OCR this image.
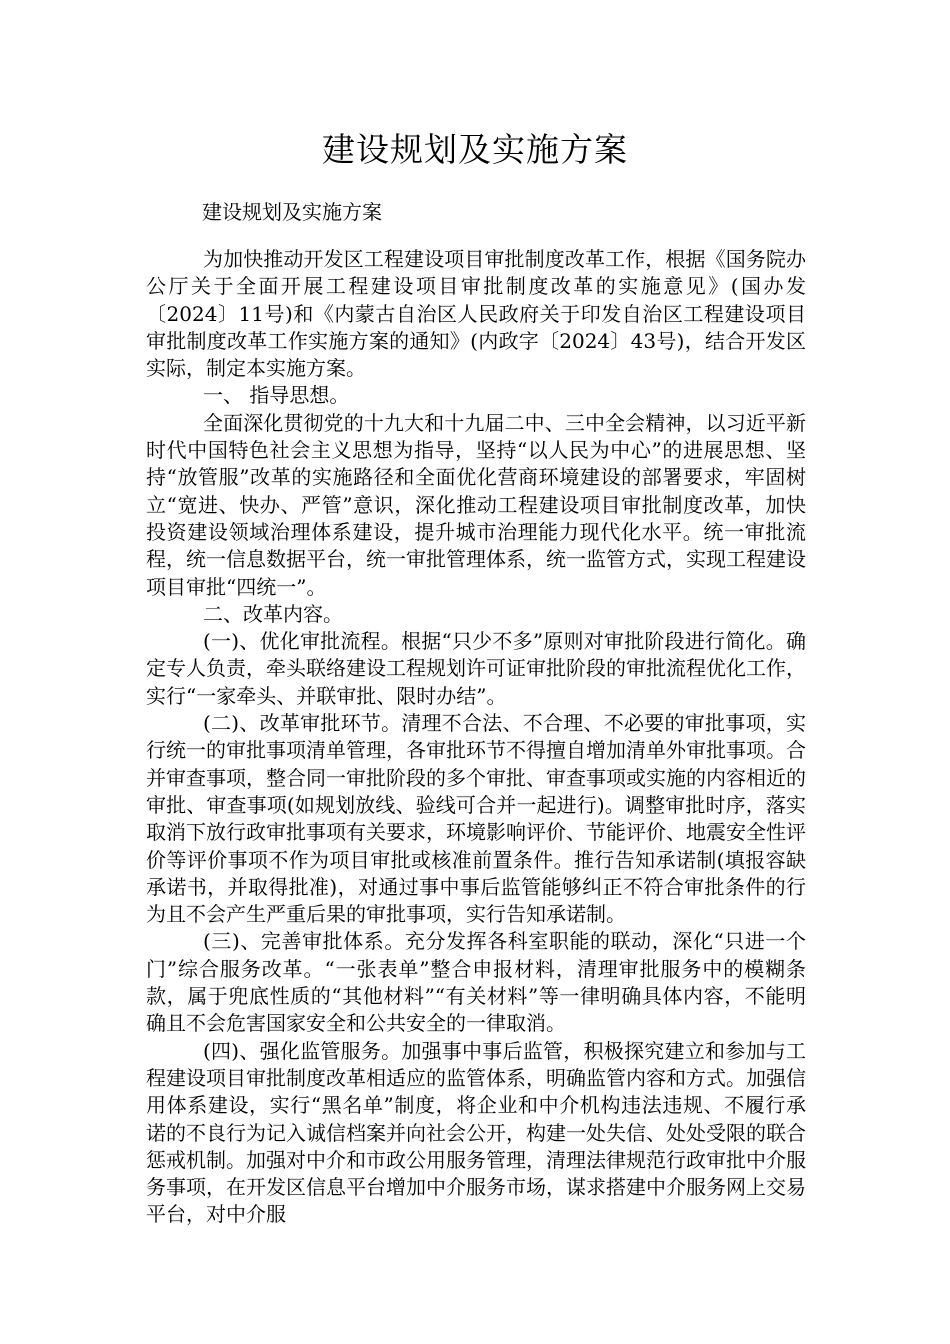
建设规划及实施方案

建设规划及实施方案

为加快推动开发区工程建设项目审批制度改革工作，根据《国务院办公厅关于全面开展工程建设项目审批制度改革的实施意见》(国办发〔2024〕11号)和《内蒙古自治区人民政府关于印发自治区工程建设项目审批制度改革工作实施方案的通知》(内政字〔2024〕43号)，结合开发区实际，制定本实施方案。

一、 指导思想。

全面深化贯彻党的十九大和十九届二中、三中全会精神，以习近平新时代中国特色社会主义思想为指导，坚持“以人民为中心”的进展思想、坚持“放管服”改革的实施路径和全面优化营商环境建设的部署要求，牢固树立“宽进、快办、严管”意识，深化推动工程建设项目审批制度改革，加快投资建设领域治理体系建设，提升城市治理能力现代化水平。统一审批流程，统一信息数据平台，统一审批管理体系，统一监管方式，实现工程建设项目审批“四统一”。

二、改革内容。

(一)、优化审批流程。根据“只少不多”原则对审批阶段进行简化。确定专人负责，牵头联络建设工程规划许可证审批阶段的审批流程优化工作，实行“一家牵头、并联审批、限时办结”。

(二)、改革审批环节。清理不合法、不合理、不必要的审批事项，实行统一的审批事项清单管理，各审批环节不得擅自增加清单外审批事项。合并审查事项，整合同一审批阶段的多个审批、审查事项或实施的内容相近的审批、审查事项(如规划放线、验线可合并一起进行)。调整审批时序，落实取消下放行政审批事项有关要求，环境影响评价、节能评价、地震安全性评价等评价事项不作为项目审批或核准前置条件。推行告知承诺制(填报容缺承诺书，并取得批准)，对通过事中事后监管能够纠正不符合审批条件的行为且不会产生严重后果的审批事项，实行告知承诺制。

(三)、完善审批体系。充分发挥各科室职能的联动，深化“只进一个门”综合服务改革。“一张表单”整合申报材料，清理审批服务中的模糊条款，属于兜底性质的“其他材料”“有关材料”等一律明确具体内容，不能明确且不会危害国家安全和公共安全的一律取消。

(四)、强化监管服务。加强事中事后监管，积极探究建立和参加与工程建设项目审批制度改革相适应的监管体系，明确监管内容和方式。加强信用体系建设，实行“黑名单”制度，将企业和中介机构违法违规、不履行承诺的不良行为记入诚信档案并向社会公开，构建一处失信、处处受限的联合惩戒机制。加强对中介和市政公用服务管理，清理法律规范行政审批中介服务事项，在开发区信息平台增加中介服务市场，谋求搭建中介服务网上交易平台，对中介服
